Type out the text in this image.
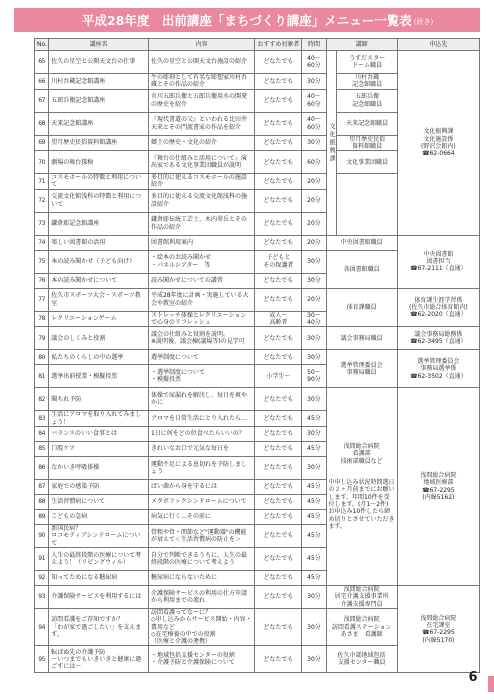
平成28年度　出前講座「まちづくり講座」メニュー一覧表 (続き)
No.	講座名	内容	おすすめ対象者	時間	講師		申込先
65	佐久の星空と公開天文台の仕事	佐久の星空と公開天文台施設の紹介	どなたでも	40～60分	文化振興課	うすだスター
ドーム職員	文化振興課
文化施設係
(野沢会館内)
☎62-0664
66	川村吾蔵記念館講座	牛の彫刻として有名な彫塑家川村吾蔵とその作品の紹介	どなたでも	30分		川村吾蔵
記念館職員	
67	五郎兵衛記念館講座	市川五郎兵衛と五郎兵衛用水の開発の歴史を紹介	どなたでも	40～60分		五郎兵衛
記念館職員	
68	天来記念館講座	『現代書道の父』といわれる比田井天来とその門流書家の作品を紹介	どなたでも	40～60分		天来記念館職員	
69	望月歴史民俗資料館講座	郷土の歴史・文化の紹介	どなたでも	30分		望月歴史民俗
資料館職員	
70	劇場の舞台探検	『舞台の仕組みと活用について』演出家である文化事業団職員が説明	どなたでも	60分		文化事業団職員	
71	コスモホールの特徴と利用について	多目的に使えるコスモホールの施設紹介	どなたでも	20分			
72	交流文化館浅科の特徴と利用について	多目的に使える交流文化館浅科の施設紹介	どなたでも	20分			
73	鎌倉彫記念館講座	鎌倉彫伝統工芸士、木内翠岳とその作品の紹介	どなたでも	20分			
74	楽しい図書館の活用	図書館利用案内	どなたでも	20分	中央図書館職員		中央図書館
図書担当
☎67-2111（直通）
75	本の読み聞かせ（子ども向け）	・絵本のお読み聞かせ
・パネルシアター　等	子どもと
その保護者	30分	各図書館職員		
76	本の読み聞かせについて	読み聞かせについての講習	どなたでも	30分			
77	佐久市スポーツ大会・スポーツ教室	平成28年度に計画・実施している大会や教室の紹介	どなたでも	20分	体育課職員		体育課生涯学習係
(佐久市総合体育館内)
☎62-2020（直通）
78	レクリエーションゲーム	ストレッチ体操とレクリエーションで心身のリフレッシュ	成人～
高齢者	30～40分			
79	議会のしくみと役割	議会の仕組みと役割を説明。
※説明後、議会棟(議場等)の見学可	どなたでも	30分	議会事務局職員		議会事務局総務係
☎62-3495（直通）
80	私たちのくらしの中の選挙	選挙制度について	どなたでも	30分	選挙管理委員会
事務局職員		選挙管理委員会
事務局選挙係
☎62-3502（直通）
81	選挙出前授業・模擬投票	・選挙制度について
・模擬投票	小学生～	50～90分			
82	聞ちれ予防	体操で尿漏れを解決し、毎日を爽やかに	どなたでも	30分	浅間総合病院
看護部
技術部職員など
中申し込み状況時間選日の２ヶ月前までにお願いします。年間10件を受付します。(月1～2件)
お申込み10件したら締め切りとさせていただきます。		浅間総合病院
地域医療部
☎67-2295
(内線5162)
83	生活にアロマを取り入れてみましょう！	アロマを日常生活にとり入れたら…	どなたでも	45分			
84	バランスのいい食事とは	1日に何をどの位食べたらいいの？	どなたでも	30分			
85	口腔ケア	きれいなお口で元気な毎日を	どなたでも	45分			
86	なかいき呼吸体操	運動不足による息切れを予防しましょう	どなたでも	30分			
87	家庭での感染予防	ばい菌から身を守るには	どなたでも	45分			
88	生活習慣病について	メタボリックシンドロームについて	どなたでも	45分			
89	こどもの急病	病気に行く…その前に	どなたでも	45分			
90	新国民病？
ロコモティブシンドロームについて	骨粗や骨・関節など"運動器"の機能が衰えて＜生活習慣病の防止を＞	どなたでも	45分			
91	人生の最終段階の医療について考えよう！（リビングウィル）	自分で判断できるうちに、人生の最終段階の医療について考えよう	どなたでも	45分			
92	知ってためになる糖尿病	糖尿病にならないために	どなたでも	45分			
93	介護保険サービスを利用するには	介護保険サービスの利用の仕方申請から利用までの流れ	どなたでも	30分	浅間総合病院
居宅介護支援事業所
介護支援専門員		浅間総合病院
在宅課室
☎67-2295
(内線5170)
94	訪問看護をご存知ですか？
「わが家で過ごしたい」を支えます。	訪問看護ってなーに？
◇申し込みからサービス開始・内容・費用など
◇在宅療養の中での役割
（医療と介護の連携）	どなたでも	30分	浅間総合病院
訪問看護ステーション
あさま　看護師		
95	転ばぬ先の介護予防
～いつまでもいきいきと健康に過ごすには～	・地域包括支援センターの役割
・介護予防と介護保険について	どなたでも	30分	佐久中部地域包括
支援センター職員		
6
